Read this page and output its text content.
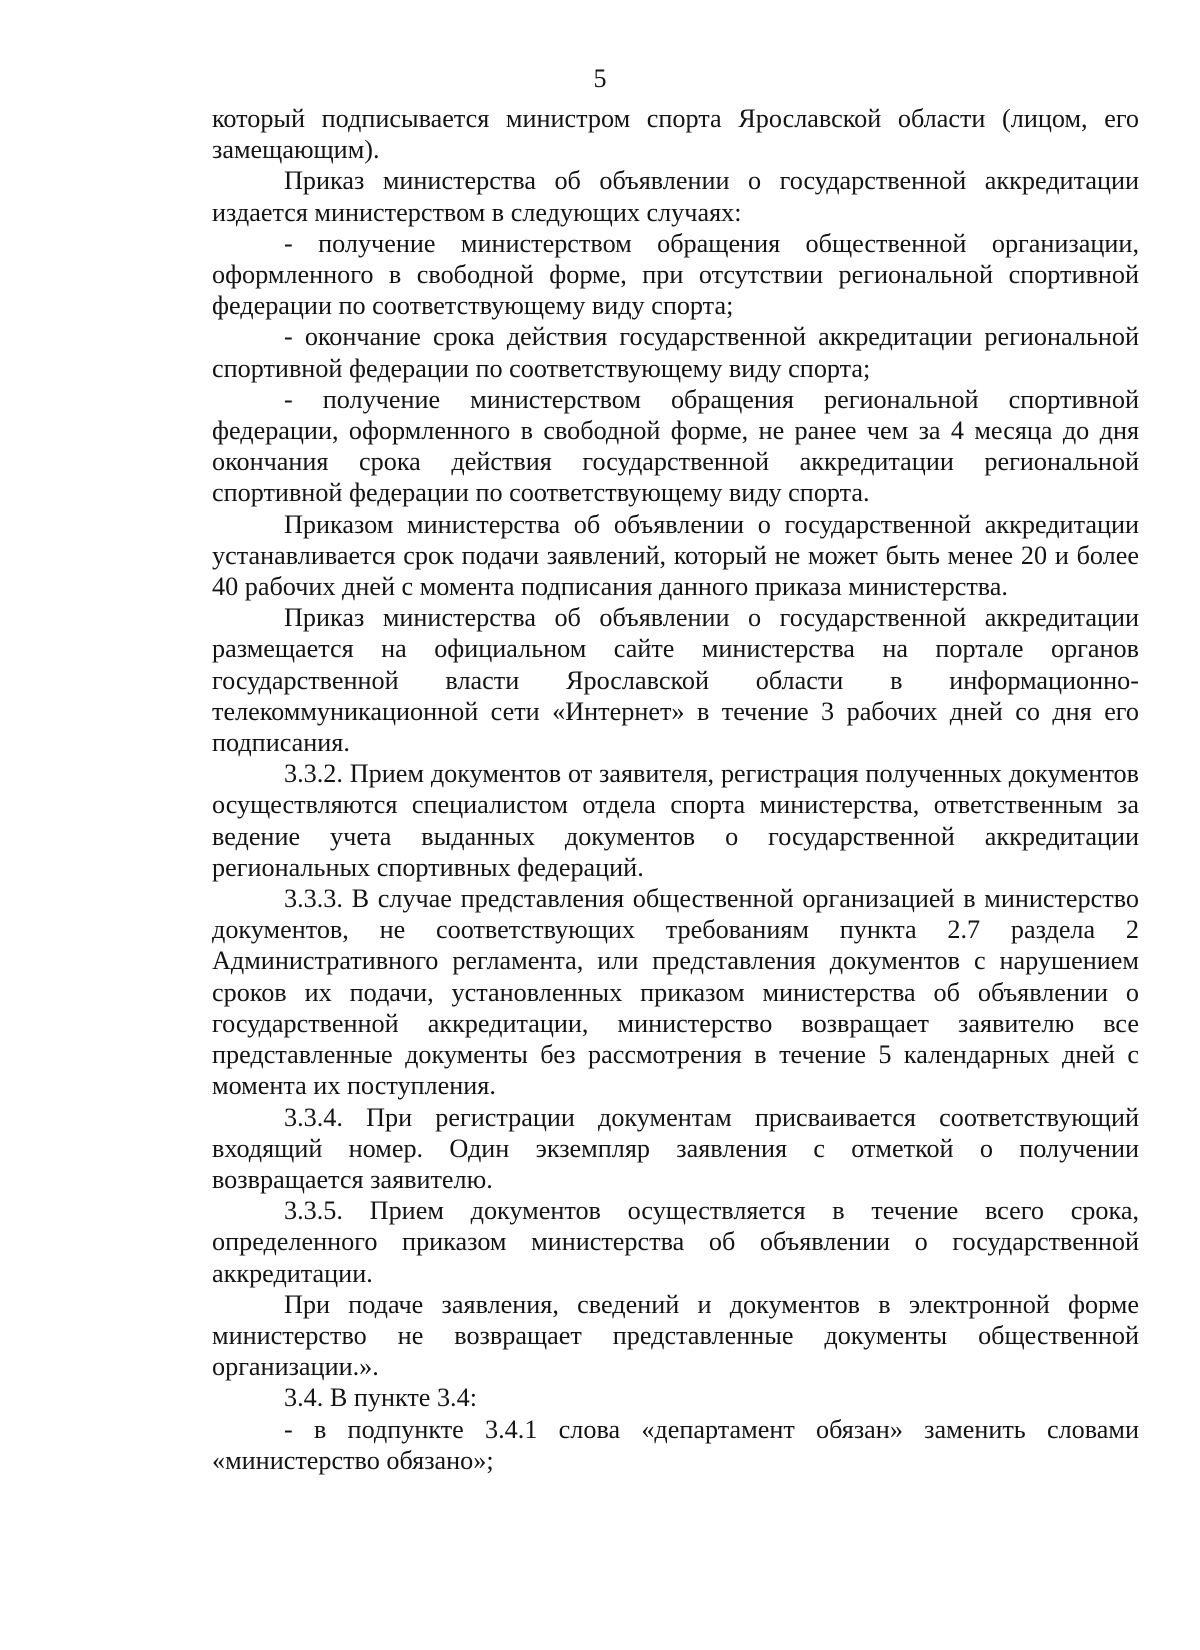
5

который подписывается министром спорта Ярославской области (лицом, его замещающим).

Приказ министерства об объявлении о государственной аккредитации издается министерством в следующих случаях:

- получение министерством обращения общественной организации, оформленного в свободной форме, при отсутствии региональной спортивной федерации по соответствующему виду спорта;

- окончание срока действия государственной аккредитации региональной спортивной федерации по соответствующему виду спорта;

- получение министерством обращения региональной спортивной федерации, оформленного в свободной форме, не ранее чем за 4 месяца до дня окончания срока действия государственной аккредитации региональной спортивной федерации по соответствующему виду спорта.

Приказом министерства об объявлении о государственной аккредитации устанавливается срок подачи заявлений, который не может быть менее 20 и более 40 рабочих дней с момента подписания данного приказа министерства.

Приказ министерства об объявлении о государственной аккредитации размещается на официальном сайте министерства на портале органов государственной власти Ярославской области в информационно-телекоммуникационной сети «Интернет» в течение 3 рабочих дней со дня его подписания.

3.3.2. Прием документов от заявителя, регистрация полученных документов осуществляются специалистом отдела спорта министерства, ответственным за ведение учета выданных документов о государственной аккредитации региональных спортивных федераций.

3.3.3. В случае представления общественной организацией в министерство документов, не соответствующих требованиям пункта 2.7 раздела 2 Административного регламента, или представления документов с нарушением сроков их подачи, установленных приказом министерства об объявлении о государственной аккредитации, министерство возвращает заявителю все представленные документы без рассмотрения в течение 5 календарных дней с момента их поступления.

3.3.4. При регистрации документам присваивается соответствующий входящий номер. Один экземпляр заявления с отметкой о получении возвращается заявителю.

3.3.5. Прием документов осуществляется в течение всего срока, определенного приказом министерства об объявлении о государственной аккредитации.

При подаче заявления, сведений и документов в электронной форме министерство не возвращает представленные документы общественной организации.».

3.4. В пункте 3.4:

- в подпункте 3.4.1 слова «департамент обязан» заменить словами «министерство обязано»;
